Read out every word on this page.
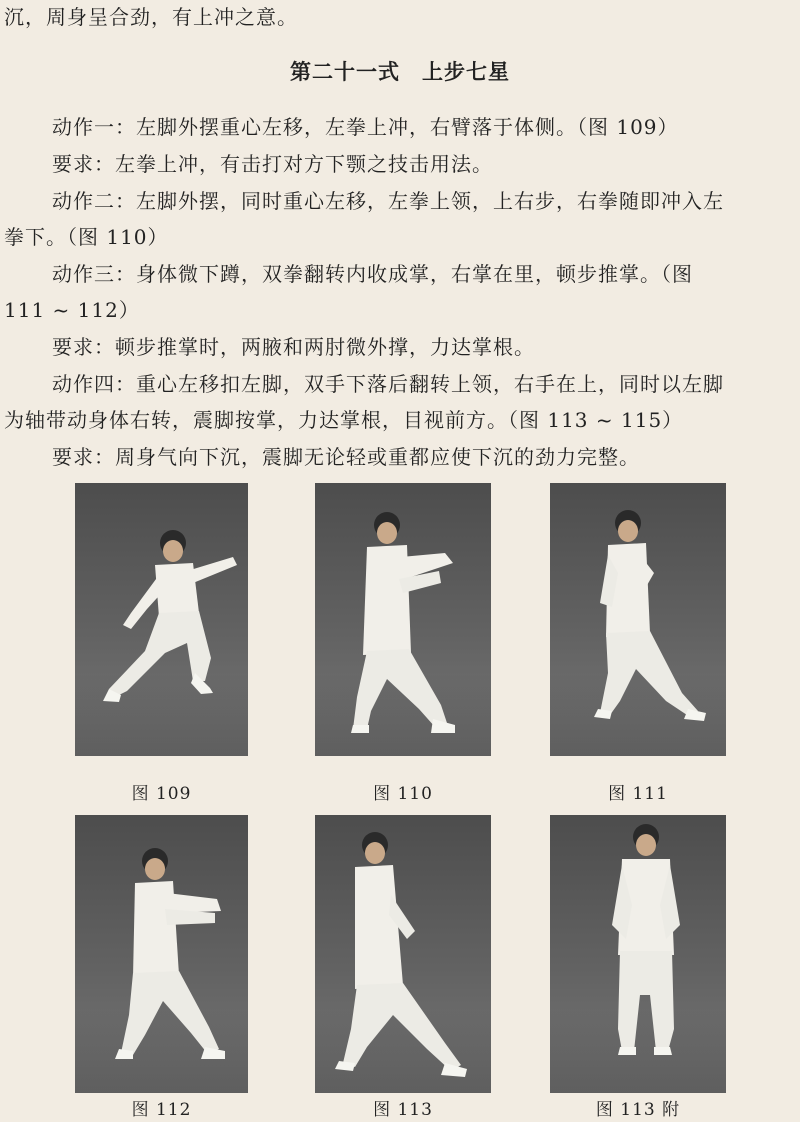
沉，周身呈合劲，有上冲之意。
第二十一式　上步七星
动作一：左脚外摆重心左移，左拳上冲，右臂落于体侧。（图 109）
要求：左拳上冲，有击打对方下颚之技击用法。
动作二：左脚外摆，同时重心左移，左拳上领，上右步，右拳随即冲入左
拳下。（图 110）
动作三：身体微下蹲，双拳翻转内收成掌，右掌在里，顿步推掌。（图
111 ~ 112）
要求：顿步推掌时，两腋和两肘微外撑，力达掌根。
动作四：重心左移扣左脚，双手下落后翻转上领，右手在上，同时以左脚
为轴带动身体右转，震脚按掌，力达掌根，目视前方。（图 113 ~ 115）
要求：周身气向下沉，震脚无论轻或重都应使下沉的劲力完整。
图 109	图 110	图 111
图 112	图 113	图 113 附
